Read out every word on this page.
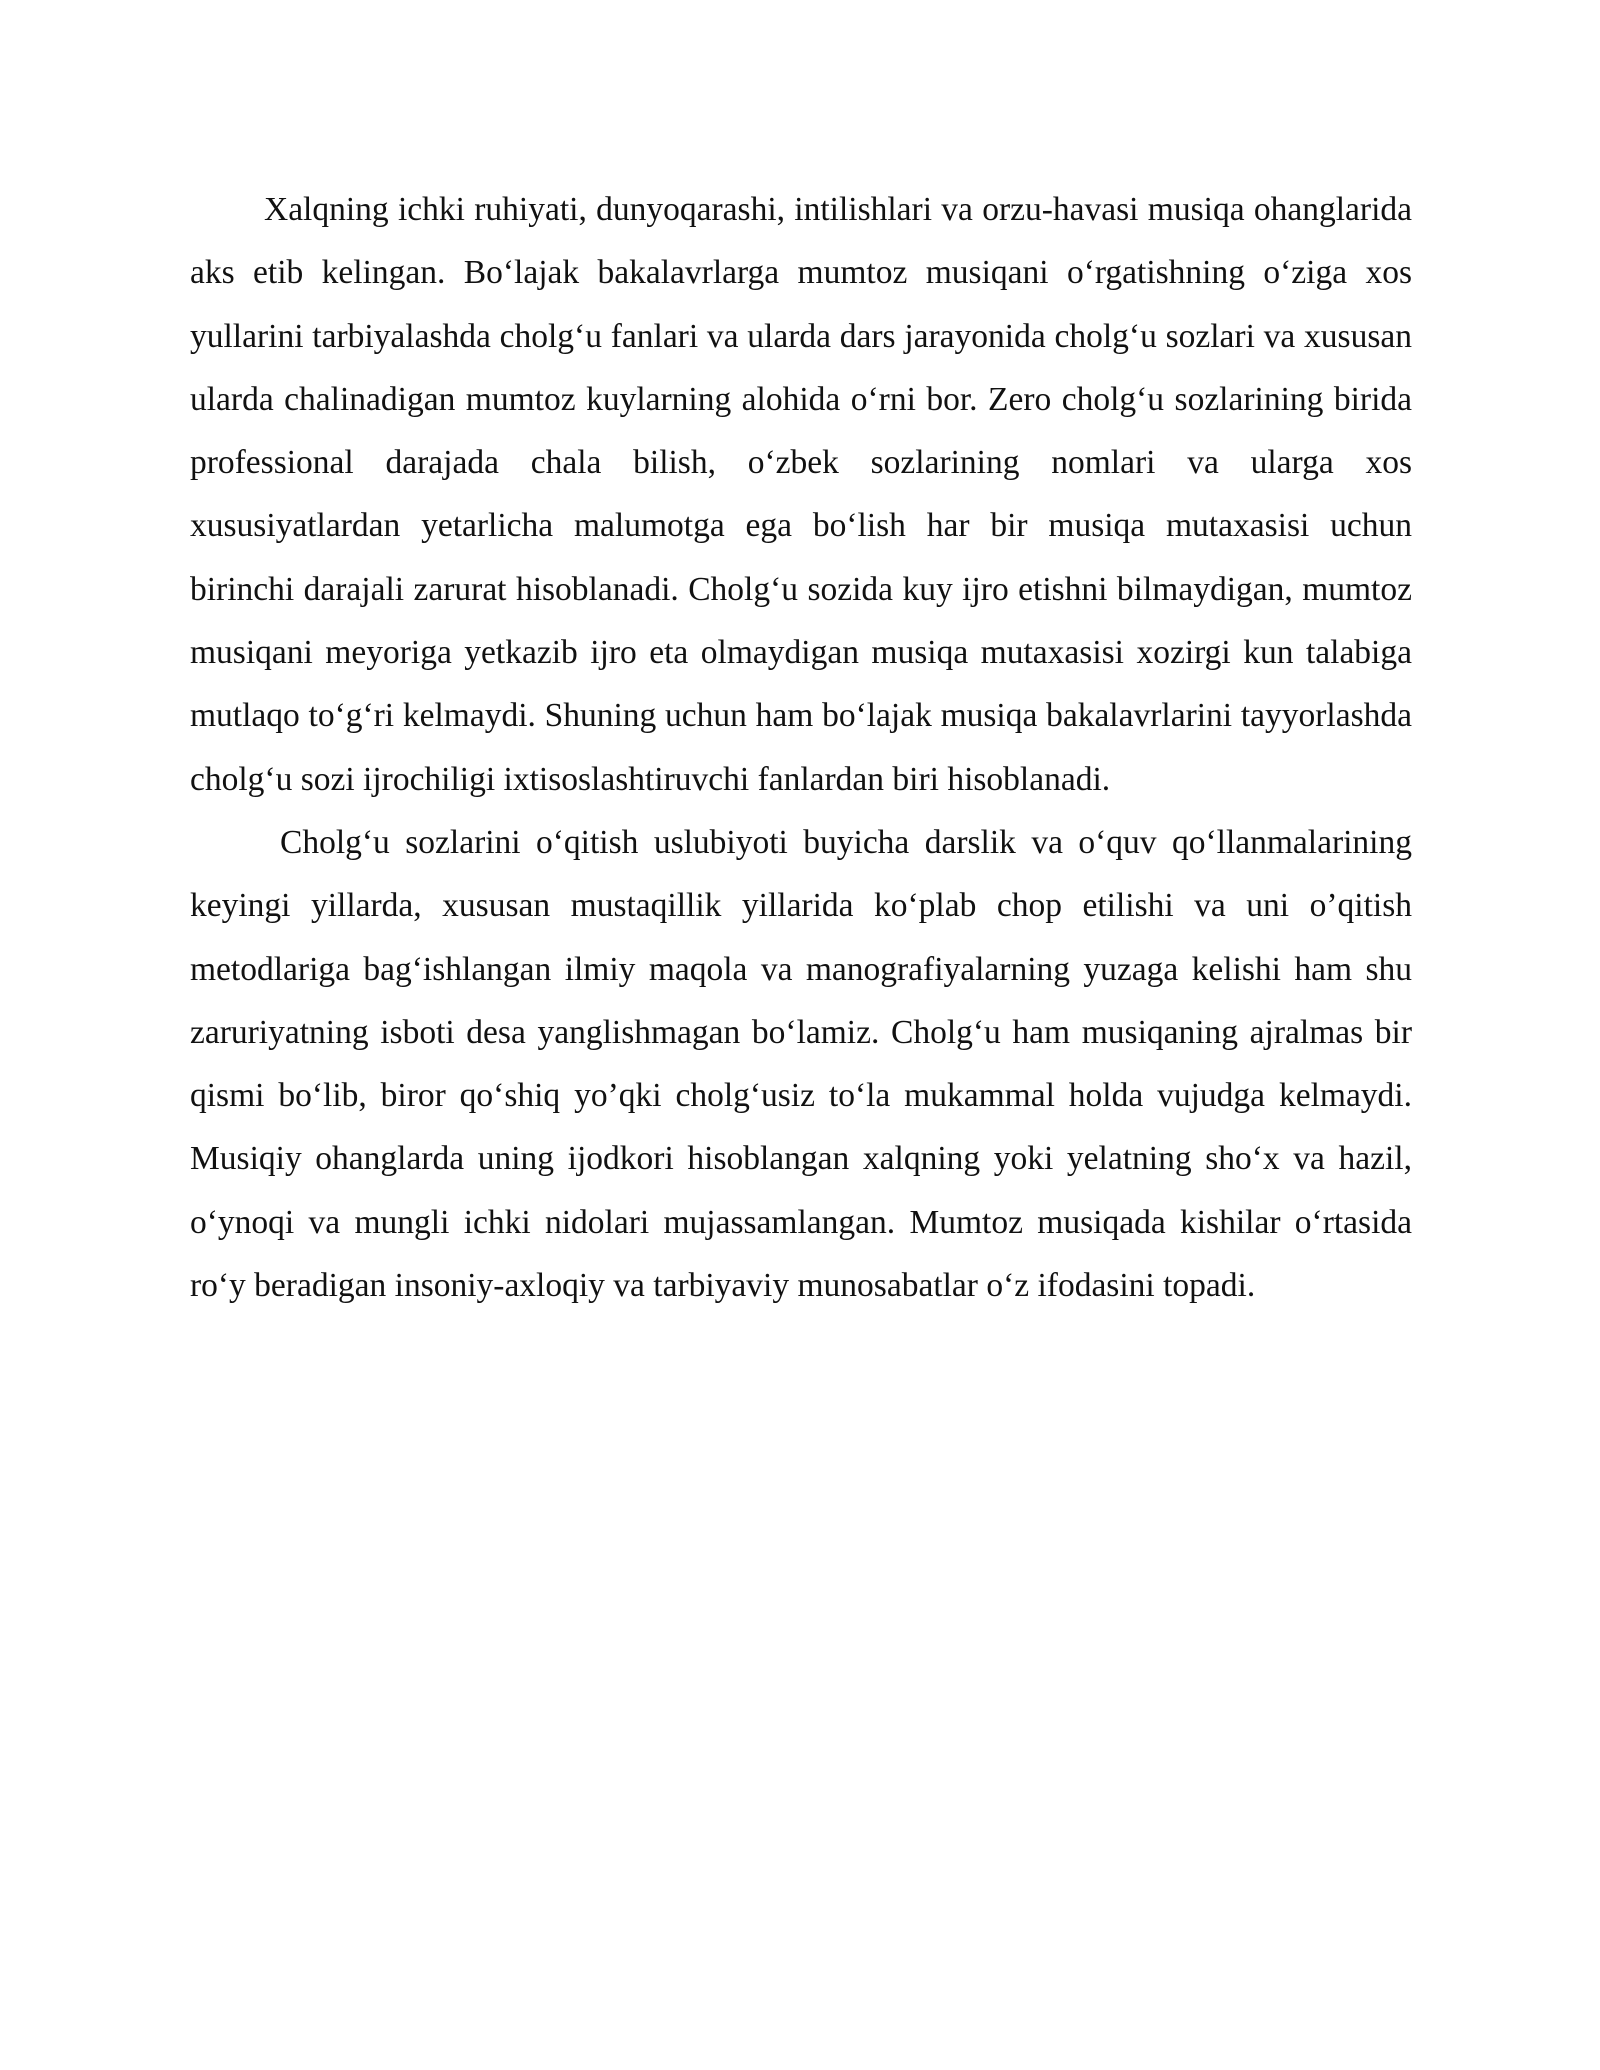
Xalqning ichki ruhiyati, dunyoqarashi, intilishlari va orzu-havasi musiqa ohanglarida aks etib kelingan. Bo‘lajak bakalavrlarga mumtoz musiqani o‘rgatishning o‘ziga xos yullarini tarbiyalashda cholg‘u fanlari va ularda dars jarayonida cholg‘u sozlari va xususan ularda chalinadigan mumtoz kuylarning alohida o‘rni bor. Zero cholg‘u sozlarining birida professional darajada chala bilish, o‘zbek sozlarining nomlari va ularga xos xususiyatlardan yetarlicha malumotga ega bo‘lish har bir musiqa mutaxasisi uchun birinchi darajali zarurat hisoblanadi. Cholg‘u sozida kuy ijro etishni bilmaydigan, mumtoz musiqani meyoriga yetkazib ijro eta olmaydigan musiqa mutaxasisi xozirgi kun talabiga mutlaqo to‘g‘ri kelmaydi. Shuning uchun ham bo‘lajak musiqa bakalavrlarini tayyorlashda cholg‘u sozi ijrochiligi ixtisoslashtiruvchi fanlardan biri hisoblanadi.

Cholg‘u sozlarini o‘qitish uslubiyoti buyicha darslik va o‘quv qo‘llanmalarining keyingi yillarda, xususan mustaqillik yillarida ko‘plab chop etilishi va uni o’qitish metodlariga bag‘ishlangan ilmiy maqola va manografiyalarning yuzaga kelishi ham shu zaruriyatning isboti desa yanglishmagan bo‘lamiz. Cholg‘u ham musiqaning ajralmas bir qismi bo‘lib, biror qo‘shiq yo’qki cholg‘usiz to‘la mukammal holda vujudga kelmaydi. Musiqiy ohanglarda uning ijodkori hisoblangan xalqning yoki yelatning sho‘x va hazil, o‘ynoqi va mungli ichki nidolari mujassamlangan. Mumtoz musiqada kishilar o‘rtasida ro‘y beradigan insoniy-axloqiy va tarbiyaviy munosabatlar o‘z ifodasini topadi.
